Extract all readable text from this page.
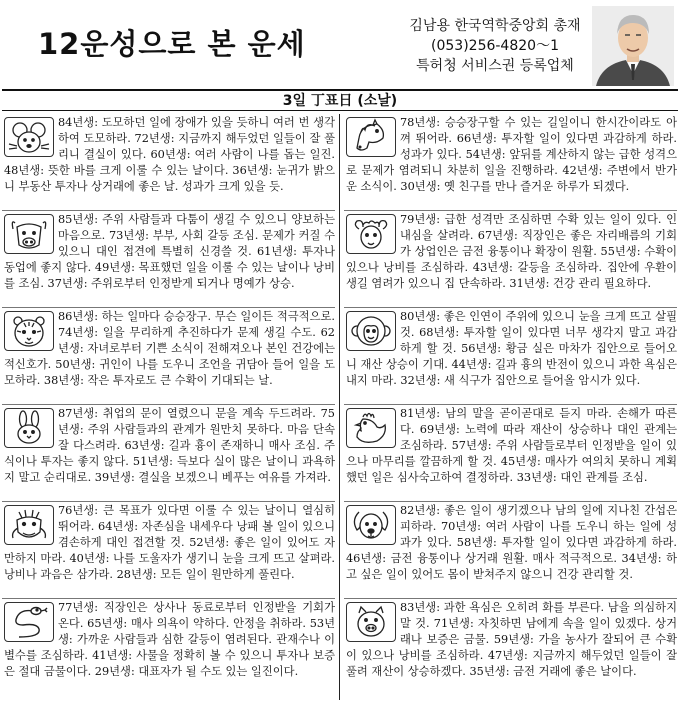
12운성으로 본 운세
김남용 한국역학중앙회 총재
(053)256-4820～1
특허청 서비스권 등록업체
3일 丁표日 (소날)
84년생: 도모하던 일에 장애가 있을 듯하니 여러 번 생각하여 도모하라. 72년생: 지금까지 해두었던 일들이 잘 풀리니 결실이 있다. 60년생: 여러 사람이 나를 돕는 일진. 48년생: 뜻한 바를 크게 이룰 수 있는 날이다. 36년생: 눈귀가 밝으니 부동산 투자나 상거래에 좋은 날. 성과가 크게 있을 듯.
85년생: 주위 사람들과 다툼이 생길 수 있으니 양보하는 마음으로. 73년생: 부부, 사회 갈등 조심. 문제가 커질 수 있으니 대인 접견에 특별히 신경쓸 것. 61년생: 투자나 동업에 좋지 않다. 49년생: 목표했던 일을 이룰 수 있는 날이나 낭비를 조심. 37년생: 주위로부터 인정받게 되거나 명예가 상승.
86년생: 하는 일마다 승승장구. 무슨 일이든 적극적으로. 74년생: 일을 무리하게 추진하다가 문제 생길 수도. 62년생: 자녀로부터 기쁜 소식이 전해져오나 본인 건강에는 적신호가. 50년생: 귀인이 나를 도우니 조언을 귀담아 들어 일을 도모하라. 38년생: 작은 투자로도 큰 수확이 기대되는 날.
87년생: 취업의 문이 열렸으니 문을 계속 두드려라. 75년생: 주위 사람들과의 관계가 원만치 못하다. 마음 단속 잘 다스려라. 63년생: 길과 흉이 존재하니 매사 조심. 주식이나 투자는 좋지 않다. 51년생: 득보다 실이 많은 날이니 과욕하지 말고 순리대로. 39년생: 결실을 보겠으니 베푸는 여유를 가져라.
76년생: 큰 목표가 있다면 이룰 수 있는 날이니 열심히 뛰어라. 64년생: 자존심을 내세우다 낭패 볼 일이 있으니 겸손하게 대인 접견할 것. 52년생: 좋은 일이 있어도 자만하지 마라. 40년생: 나를 도울자가 생기니 눈을 크게 뜨고 살펴라. 낭비나 과음은 삼가라. 28년생: 모든 일이 원만하게 풀린다.
77년생: 직장인은 상사나 동료로부터 인정받을 기회가 온다. 65년생: 매사 의욕이 약하다. 안정을 취하라. 53년생: 가까운 사람들과 심한 갈등이 염려된다. 관재수나 이별수를 조심하라. 41년생: 사물을 정확히 볼 수 있으니 투자나 보증은 절대 금물이다. 29년생: 대표자가 될 수도 있는 일진이다.
78년생: 승승장구할 수 있는 길일이니 한시간이라도 아껴 뛰어라. 66년생: 투자할 일이 있다면 과감하게 하라. 성과가 있다. 54년생: 앞뒤를 계산하지 않는 급한 성격으로 문제가 염려되니 차분히 일을 진행하라. 42년생: 주변에서 반가운 소식이. 30년생: 옛 친구를 만나 즐거운 하루가 되겠다.
79년생: 급한 성격만 조심하면 수확 있는 일이 있다. 인내심을 살려라. 67년생: 직장인은 좋은 자리배름의 기회가 상업인은 금전 융통이나 확장이 원활. 55년생: 수확이 있으나 낭비를 조심하라. 43년생: 갈등을 조심하라. 집안에 우환이 생길 염려가 있으니 집 단속하라. 31년생: 건강 관리 필요하다.
80년생: 좋은 인연이 주위에 있으니 눈을 크게 뜨고 살필 것. 68년생: 투자할 일이 있다면 너무 생각지 말고 과감하게 할 것. 56년생: 황금 실은 마차가 집안으로 들어오니 재산 상승이 기대. 44년생: 길과 흉의 반전이 있으니 과한 욕심은 내지 마라. 32년생: 새 식구가 집안으로 들어올 암시가 있다.
81년생: 남의 말을 곧이곧대로 듣지 마라. 손해가 따른다. 69년생: 노력에 따라 재산이 상승하나 대인 관계는 조심하라. 57년생: 주위 사람들로부터 인정받을 일이 있으나 마무리를 깔끔하게 할 것. 45년생: 매사가 여의치 못하니 계획했던 일은 심사숙고하여 결정하라. 33년생: 대인 관계를 조심.
82년생: 좋은 일이 생기겠으나 남의 일에 지나친 간섭은 피하라. 70년생: 여러 사람이 나를 도우니 하는 일에 성과가 있다. 58년생: 투자할 일이 있다면 과감하게 하라. 46년생: 금전 융통이나 상거래 원활. 매사 적극적으로. 34년생: 하고 싶은 일이 있어도 몸이 받쳐주지 않으니 건강 관리할 것.
83년생: 과한 욕심은 오히려 화를 부른다. 남을 의심하지 말 것. 71년생: 자칫하면 남에게 속을 일이 있겠다. 상거래나 보증은 금물. 59년생: 가을 농사가 잘되어 큰 수확이 있으나 낭비를 조심하라. 47년생: 지금까지 해두었던 일들이 잘 풀려 재산이 상승하겠다. 35년생: 금전 거래에 좋은 날이다.
